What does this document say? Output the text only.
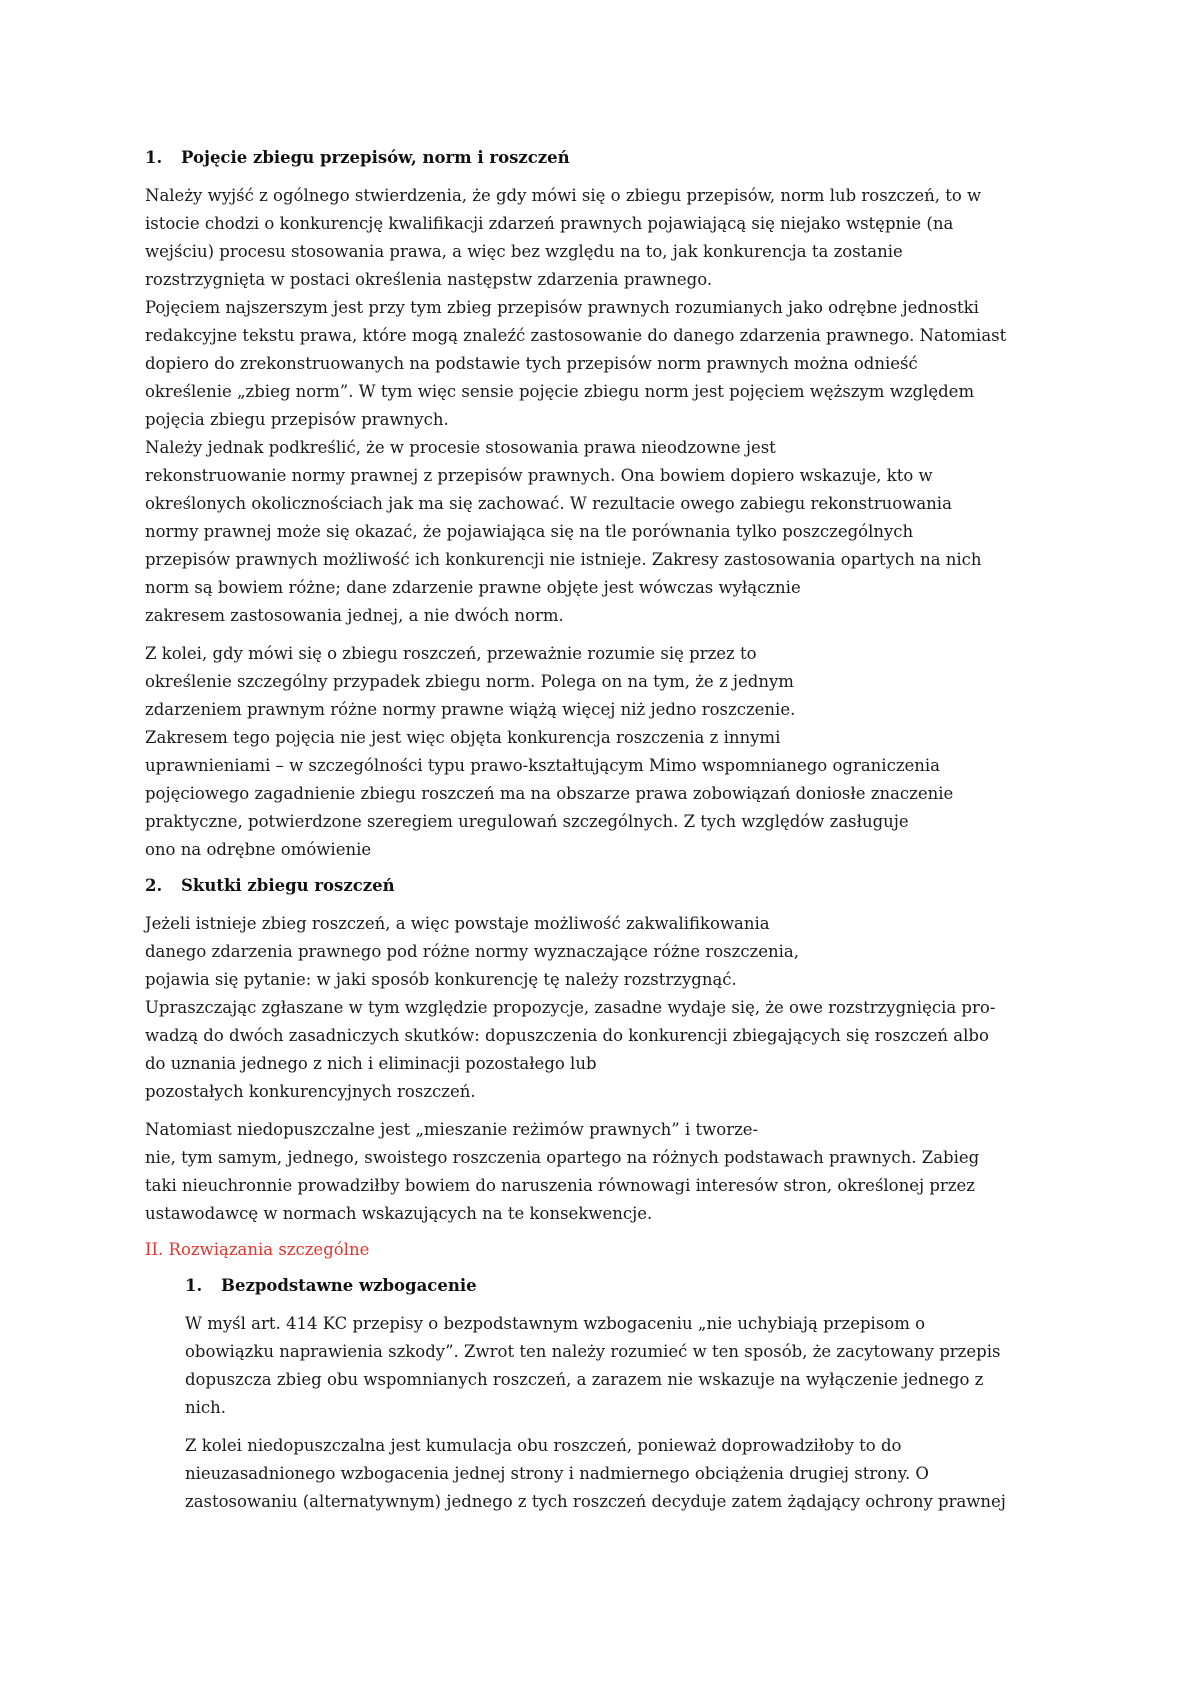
1. Pojęcie zbiegu przepisów, norm i roszczeń
Należy wyjść z ogólnego stwierdzenia, że gdy mówi się o zbiegu przepisów, norm lub roszczeń, to w
istocie chodzi o konkurencję kwalifikacji zdarzeń prawnych pojawiającą się niejako wstępnie (na
wejściu) procesu stosowania prawa, a więc bez względu na to, jak konkurencja ta zostanie
rozstrzygnięta w postaci określenia następstw zdarzenia prawnego.
Pojęciem najszerszym jest przy tym zbieg przepisów prawnych rozumianych jako odrębne jednostki
redakcyjne tekstu prawa, które mogą znaleźć zastosowanie do danego zdarzenia prawnego. Natomiast
dopiero do zrekonstruowanych na podstawie tych przepisów norm prawnych można odnieść
określenie „zbieg norm”. W tym więc sensie pojęcie zbiegu norm jest pojęciem węższym względem
pojęcia zbiegu przepisów prawnych.
Należy jednak podkreślić, że w procesie stosowania prawa nieodzowne jest
rekonstruowanie normy prawnej z przepisów prawnych. Ona bowiem dopiero wskazuje, kto w
określonych okolicznościach jak ma się zachować. W rezultacie owego zabiegu rekonstruowania
normy prawnej może się okazać, że pojawiająca się na tle porównania tylko poszczególnych
przepisów prawnych możliwość ich konkurencji nie istnieje. Zakresy zastosowania opartych na nich
norm są bowiem różne; dane zdarzenie prawne objęte jest wówczas wyłącznie
zakresem zastosowania jednej, a nie dwóch norm.
Z kolei, gdy mówi się o zbiegu roszczeń, przeważnie rozumie się przez to
określenie szczególny przypadek zbiegu norm. Polega on na tym, że z jednym
zdarzeniem prawnym różne normy prawne wiążą więcej niż jedno roszczenie.
Zakresem tego pojęcia nie jest więc objęta konkurencja roszczenia z innymi
uprawnieniami – w szczególności typu prawo-kształtującym Mimo wspomnianego ograniczenia
pojęciowego zagadnienie zbiegu roszczeń ma na obszarze prawa zobowiązań doniosłe znaczenie
praktyczne, potwierdzone szeregiem uregulowań szczególnych. Z tych względów zasługuje
ono na odrębne omówienie
2. Skutki zbiegu roszczeń
Jeżeli istnieje zbieg roszczeń, a więc powstaje możliwość zakwalifikowania
danego zdarzenia prawnego pod różne normy wyznaczające różne roszczenia,
pojawia się pytanie: w jaki sposób konkurencję tę należy rozstrzygnąć.
Upraszczając zgłaszane w tym względzie propozycje, zasadne wydaje się, że owe rozstrzygnięcia pro-
wadzą do dwóch zasadniczych skutków: dopuszczenia do konkurencji zbiegających się roszczeń albo
do uznania jednego z nich i eliminacji pozostałego lub
pozostałych konkurencyjnych roszczeń.
Natomiast niedopuszczalne jest „mieszanie reżimów prawnych” i tworze-
nie, tym samym, jednego, swoistego roszczenia opartego na różnych podstawach prawnych. Zabieg
taki nieuchronnie prowadziłby bowiem do naruszenia równowagi interesów stron, określonej przez
ustawodawcę w normach wskazujących na te konsekwencje.
II. Rozwiązania szczególne
1. Bezpodstawne wzbogacenie
W myśl art. 414 KC przepisy o bezpodstawnym wzbogaceniu „nie uchybiają przepisom o
obowiązku naprawienia szkody”. Zwrot ten należy rozumieć w ten sposób, że zacytowany przepis
dopuszcza zbieg obu wspomnianych roszczeń, a zarazem nie wskazuje na wyłączenie jednego z
nich.
Z kolei niedopuszczalna jest kumulacja obu roszczeń, ponieważ doprowadziłoby to do
nieuzasadnionego wzbogacenia jednej strony i nadmiernego obciążenia drugiej strony. O
zastosowaniu (alternatywnym) jednego z tych roszczeń decyduje zatem żądający ochrony prawnej
